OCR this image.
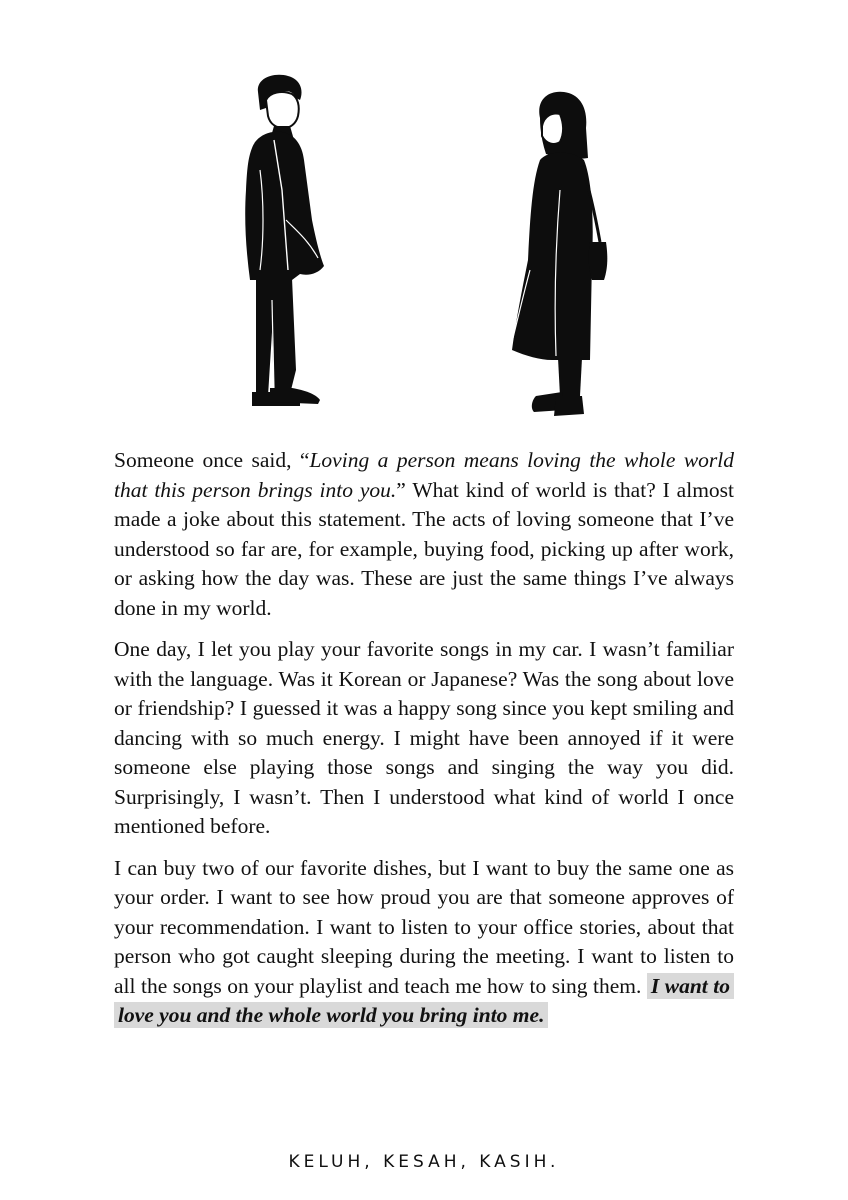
Someone once said, “Loving a person means loving the whole world that this person brings into you.” What kind of world is that? I almost made a joke about this statement. The acts of loving someone that I’ve understood so far are, for example, buying food, picking up after work, or asking how the day was. These are just the same things I’ve always done in my world.

One day, I let you play your favorite songs in my car. I wasn’t familiar with the language. Was it Korean or Japanese? Was the song about love or friendship? I guessed it was a happy song since you kept smiling and dancing with so much energy. I might have been annoyed if it were someone else playing those songs and singing the way you did. Surprisingly, I wasn’t. Then I understood what kind of world I once mentioned before.

I can buy two of our favorite dishes, but I want to buy the same one as your order. I want to see how proud you are that someone approves of your recommendation. I want to listen to your office stories, about that person who got caught sleeping during the meeting. I want to listen to all the songs on your playlist and teach me how to sing them. I want to love you and the whole world you bring into me.

KELUH, KESAH, KASIH.
